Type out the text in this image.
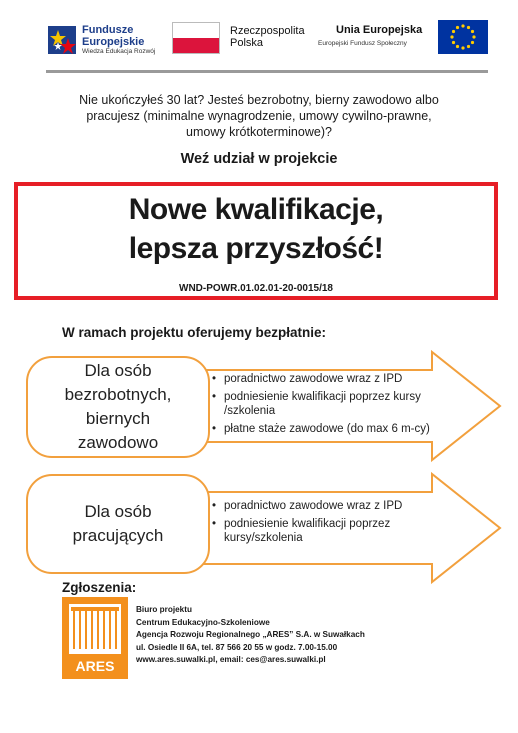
Fundusze
Europejskie
Wiedza Edukacja Rozwój
Rzeczpospolita
Polska
Unia Europejska
Europejski Fundusz Społeczny
Nie ukończyłeś 30 lat? Jesteś bezrobotny, bierny zawodowo albo
pracujesz (minimalne wynagrodzenie, umowy cywilno-prawne,
umowy krótkoterminowe)?
Weź udział w projekcie
Nowe kwalifikacje,
lepsza przyszłość!
WND-POWR.01.02.01-20-0015/18
W ramach projektu oferujemy bezpłatnie:
Dla osób
bezrobotnych,
biernych
zawodowo
• poradnictwo zawodowe wraz z IPD
• podniesienie kwalifikacji poprzez kursy /szkolenia
• płatne staże zawodowe (do max 6 m-cy)
Dla osób
pracujących
• poradnictwo zawodowe wraz z IPD
• podniesienie kwalifikacji poprzez kursy/szkolenia
Zgłoszenia:
ARES
Biuro projektu
Centrum Edukacyjno-Szkoleniowe
Agencja Rozwoju Regionalnego „ARES” S.A. w Suwałkach
ul. Osiedle II 6A, tel. 87 566 20 55 w godz. 7.00-15.00
www.ares.suwalki.pl, email: ces@ares.suwalki.pl
